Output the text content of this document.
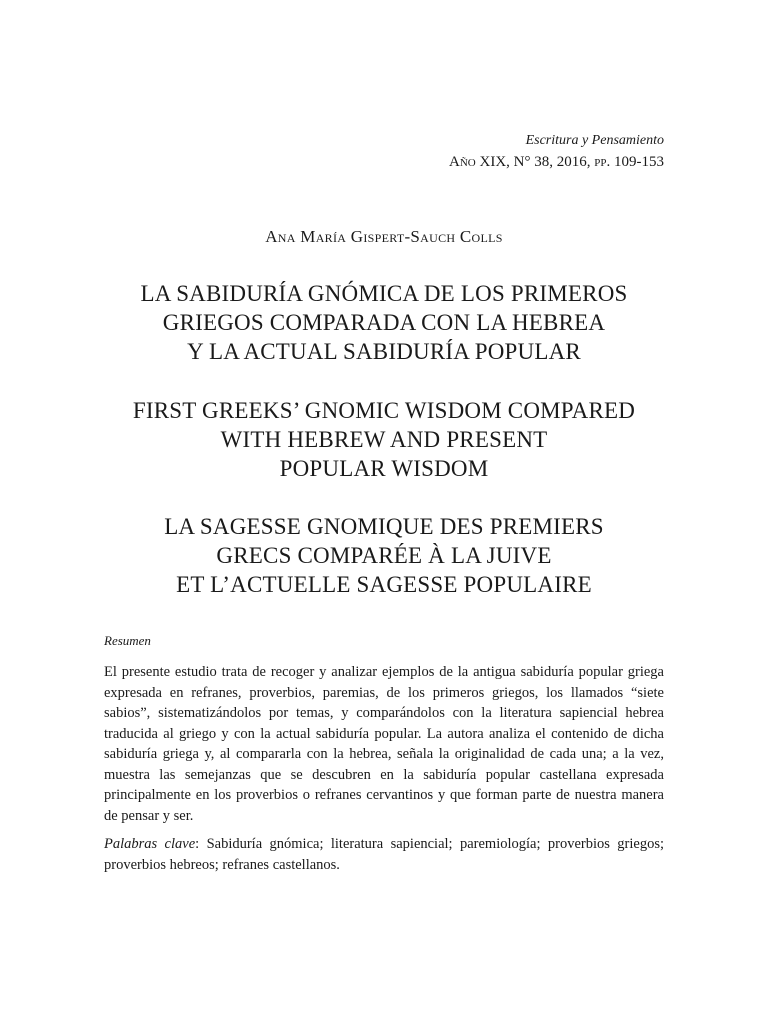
Escritura y Pensamiento
Año XIX, N° 38, 2016, pp. 109-153
Ana María Gispert-Sauch Colls
LA SABIDURÍA GNÓMICA DE LOS PRIMEROS
GRIEGOS COMPARADA CON LA HEBREA
Y LA ACTUAL SABIDURÍA POPULAR
FIRST GREEKS’ GNOMIC WISDOM COMPARED
WITH HEBREW AND PRESENT
POPULAR WISDOM
LA SAGESSE GNOMIQUE DES PREMIERS
GRECS COMPARÉE À LA JUIVE
ET L’ACTUELLE SAGESSE POPULAIRE
Resumen

El presente estudio trata de recoger y analizar ejemplos de la antigua sabiduría popular griega expresada en refranes, proverbios, paremias, de los primeros griegos, los llamados “siete sabios”, sistematizándolos por temas, y comparándolos con la literatura sapiencial hebrea traducida al griego y con la actual sabiduría popular. La autora analiza el contenido de dicha sabiduría griega y, al compararla con la hebrea, señala la originalidad de cada una; a la vez, muestra las semejanzas que se descubren en la sabiduría popular castellana expresada principalmente en los proverbios o refranes cervantinos y que forman parte de nuestra manera de pensar y ser.

Palabras clave: Sabiduría gnómica; literatura sapiencial; paremiología; proverbios griegos; proverbios hebreos; refranes castellanos.
